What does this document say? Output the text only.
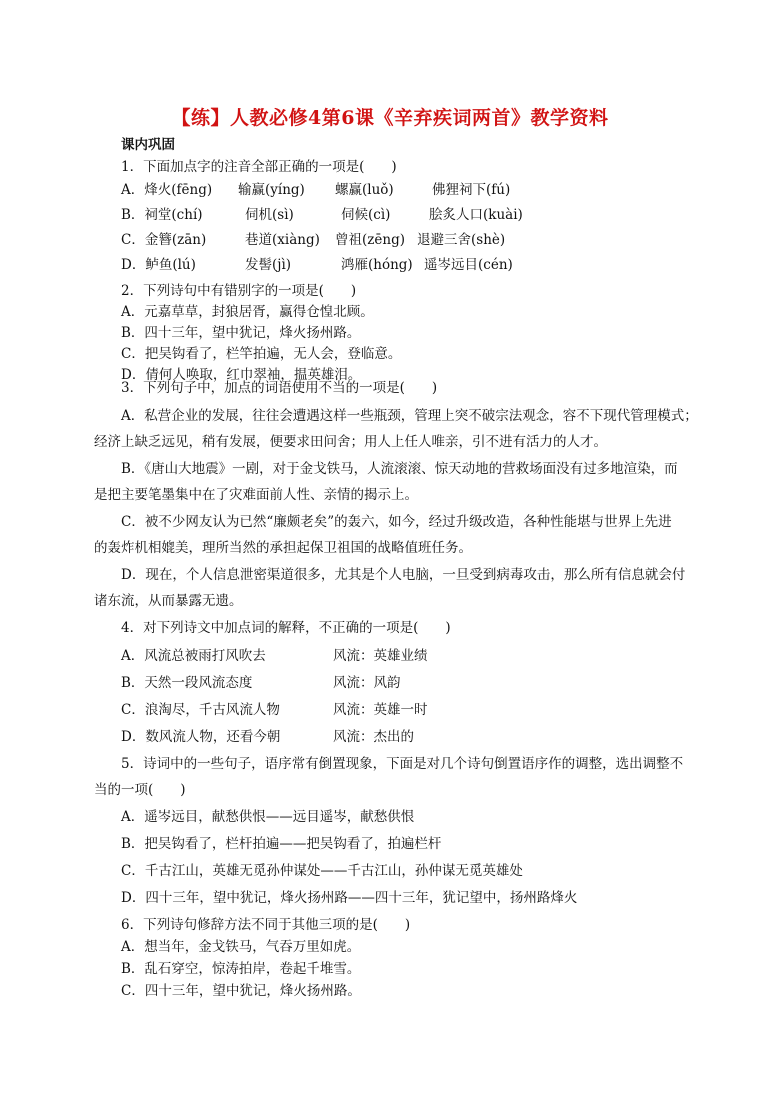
【练】人教必修4第6课《辛弃疾词两首》教学资料
课内巩固
1．下面加点字的注音全部正确的一项是(　　)
A．烽火(fēng) 输赢(yíng) 螺赢(luǒ)	佛狸祠下(fú)
B．祠堂(chí)	伺机(sì)	伺候(cì)	脍炙人口(kuài)
C．金簪(zān)	巷道(xiàng) 曾祖(zēng) 退避三舍(shè)
D．鲈鱼(lú)	发髻(jì)	鸿雁(hóng) 遥岑远目(cén)
2．下列诗句中有错别字的一项是(　　)
A．元嘉草草，封狼居胥，赢得仓惶北顾。
B．四十三年，望中犹记，烽火扬州路。
C．把吴钩看了，栏竿拍遍，无人会，登临意。
D．倩何人唤取，红巾翠袖，揾英雄泪。
3．下列句子中，加点的词语使用不当的一项是(　　)
A．私营企业的发展，往往会遭遇这样一些瓶颈，管理上突不破宗法观念，容不下现代管理模式；
经济上缺乏远见，稍有发展，便要求田问舍；用人上任人唯亲，引不进有活力的人才。
B．《唐山大地震》一剧，对于金戈铁马，人流滚滚、惊天动地的营救场面没有过多地渲染，而
是把主要笔墨集中在了灾难面前人性、亲情的揭示上。
C．被不少网友认为已然“廉颇老矣”的轰六，如今，经过升级改造，各种性能堪与世界上先进
的轰炸机相媲美，理所当然的承担起保卫祖国的战略值班任务。
D．现在，个人信息泄密渠道很多，尤其是个人电脑，一旦受到病毒攻击，那么所有信息就会付
诸东流，从而暴露无遗。
4．对下列诗文中加点词的解释，不正确的一项是(　　)
A．风流总被雨打风吹去	风流：英雄业绩
B．天然一段风流态度	风流：风韵
C．浪淘尽，千古风流人物	风流：英雄一时
D．数风流人物，还看今朝	风流：杰出的
5．诗词中的一些句子，语序常有倒置现象，下面是对几个诗句倒置语序作的调整，选出调整不
当的一项(　　)
A．遥岑远目，献愁供恨——远目遥岑，献愁供恨
B．把吴钩看了，栏杆拍遍——把吴钩看了，拍遍栏杆
C．千古江山，英雄无觅孙仲谋处——千古江山，孙仲谋无觅英雄处
D．四十三年，望中犹记，烽火扬州路——四十三年，犹记望中，扬州路烽火
6．下列诗句修辞方法不同于其他三项的是(　　)
A．想当年，金戈铁马，气吞万里如虎。
B．乱石穿空，惊涛拍岸，卷起千堆雪。
C．四十三年，望中犹记，烽火扬州路。
